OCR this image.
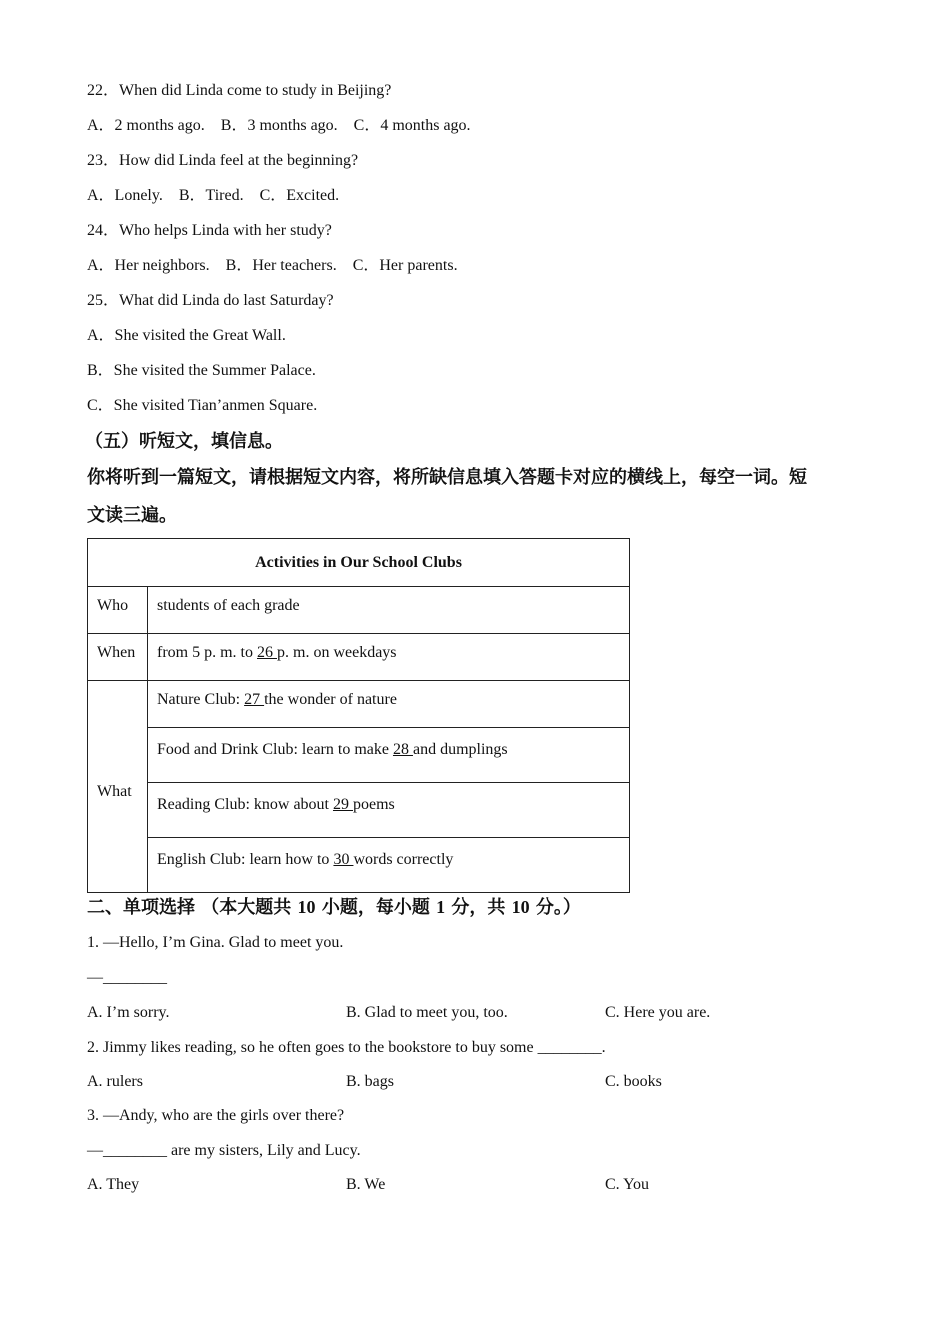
22．When did Linda come to study in Beijing?
A．2 months ago.    B．3 months ago.    C．4 months ago.
23．How did Linda feel at the beginning?
A．Lonely.    B．Tired.    C．Excited.
24．Who helps Linda with her study?
A．Her neighbors.    B．Her teachers.    C．Her parents.
25．What did Linda do last Saturday?
A．She visited the Great Wall.
B．She visited the Summer Palace.
C．She visited Tian’anmen Square.
（五）听短文，填信息。
你将听到一篇短文，请根据短文内容，将所缺信息填入答题卡对应的横线上，每空一词。短
文读三遍。
Activities in Our School Clubs	
Who	students of each grade
When	from 5 p. m. to 26 p. m. on weekdays
What	Nature Club: 27 the wonder of nature
	Food and Drink Club: learn to make 28 and dumplings
	Reading Club: know about 29 poems
	English Club: learn how to 30 words correctly
二、单项选择 （本大题共 10 小题，每小题 1 分，共 10 分。）
1. —Hello, I’m Gina. Glad to meet you.
—________
A. I’m sorry.	B. Glad to meet you, too.	C. Here you are.
2. Jimmy likes reading, so he often goes to the bookstore to buy some ________.
A. rulers	B. bags	C. books
3. —Andy, who are the girls over there?
—________ are my sisters, Lily and Lucy.
A. They	B. We	C. You
